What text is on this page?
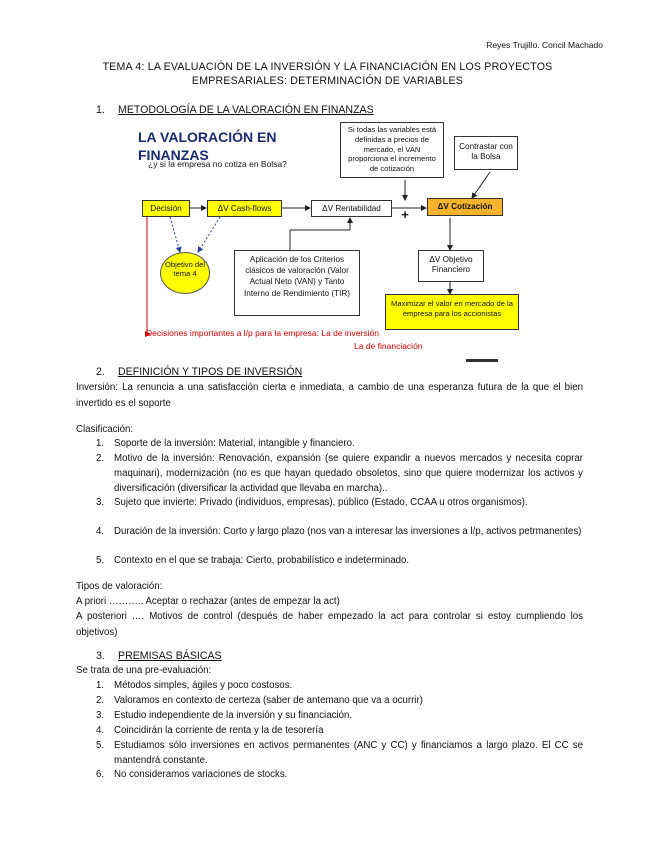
Reyes Trujillo. Concil Machado
TEMA 4: LA EVALUACIÓN DE LA INVERSIÓN Y LA FINANCIACIÓN EN LOS PROYECTOS EMPRESARIALES: DETERMINACIÓN DE VARIABLES
1. METODOLOGÍA DE LA VALORACIÓN EN FINANZAS
LA VALORACIÓN EN FINANZAS
¿y si la empresa no cotiza en Bolsa?
Si todas las variables está definidas a precios de mercado, el VAN proporciona el incremento de cotización
Contrastar con la Bolsa
Decisión	ΔV Cash-flows	ΔV Rentabilidad	+
ΔV Cotización
Objetivo del tema 4
Aplicación de los Criterios clásicos de valoración (Valor Actual Neto (VAN) y Tanto Interno de Rendimiento (TIR)
ΔV Objetivo Financiero
Maximizar el valor en mercado de la empresa para los accionistas
Decisiones importantes a l/p para la empresa: La de inversión
La de financiación
2. DEFINICIÓN Y TIPOS DE INVERSIÓN
Inversión: La renuncia a una satisfacción cierta e inmediata, a cambio de una esperanza futura de la que el bien invertido es el soporte
Clasificación:
1. Soporte de la inversión: Material, intangible y financiero.
2. Motivo de la inversión: Renovación, expansión (se quiere expandir a nuevos mercados y necesita coprar maquinari), modernización (no es que hayan quedado obsoletos, sino que quiere modernizar los activos y diversificación (diversificar la actividad que llevaba en marcha)..
3. Sujeto que invierte: Privado (individuos, empresas), público (Estado, CCAA u otros organismos).
4. Duración de la inversión: Corto y largo plazo (nos van a interesar las inversiones a l/p, activos petrmanentes)
5. Contexto en el que se trabaja: Cierto, probabilístico e indeterminado.
Tipos de valoración:
A priori ……….. Aceptar o rechazar (antes de empezar la act)
A posteriori …. Motivos de control (después de haber empezado la act para controlar si estoy cumpliendo los objetivos)
3. PREMISAS BÁSICAS
Se trata de una pre-evaluación:
1. Métodos simples, ágiles y poco costosos.
2. Valoramos en contexto de certeza (saber de antemano que va a ocurrir)
3. Estudio independiente de la inversión y su financiación.
4. Coincidirán la corriente de renta y la de tesorería
5. Estudiamos sólo inversiones en activos permanentes (ANC y CC) y financiamos a largo plazo. El CC se mantendrá constante.
6. No consideramos variaciones de stocks.
